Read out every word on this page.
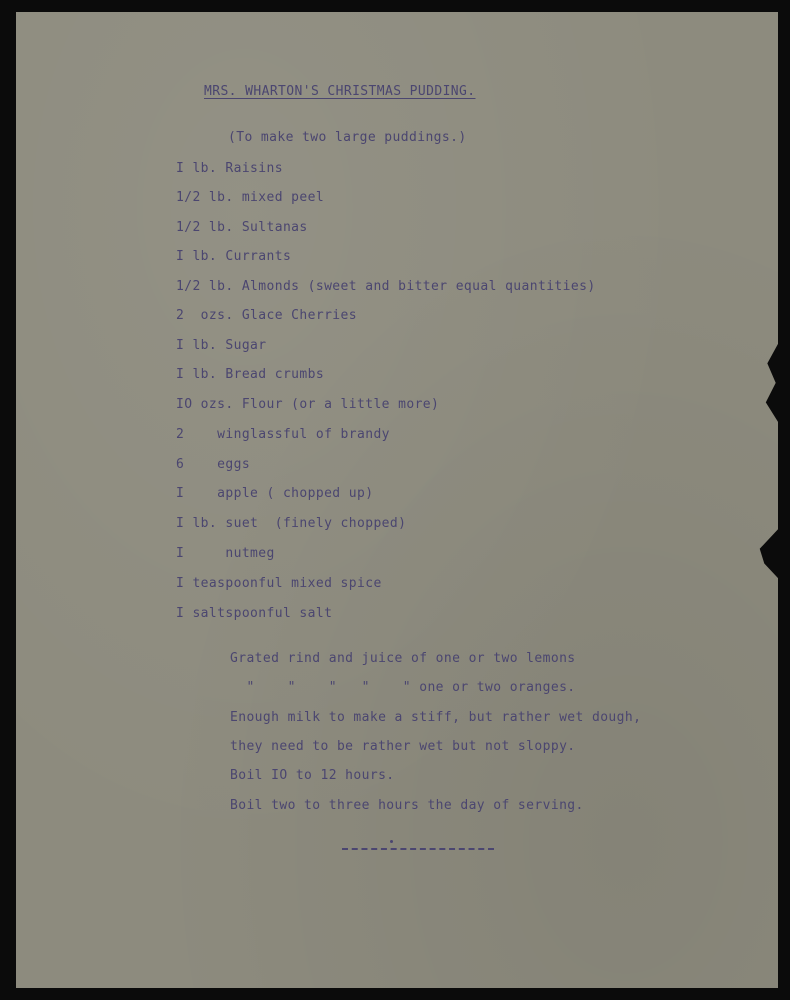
MRS. WHARTON'S CHRISTMAS PUDDING.
(To make two large puddings.)
I lb. Raisins
1/2 lb. mixed peel
1/2 lb. Sultanas
I lb. Currants
1/2 lb. Almonds (sweet and bitter equal quantities)
2  ozs. Glace Cherries
I lb. Sugar
I lb. Bread crumbs
IO ozs. Flour (or a little more)
2    winglassful of brandy
6    eggs
I    apple ( chopped up)
I lb. suet  (finely chopped)
I     nutmeg
I teaspoonful mixed spice
I saltspoonful salt
Grated rind and juice of one or two lemons
"    "    "   "    " one or two oranges.
Enough milk to make a stiff, but rather wet dough,
they need to be rather wet but not sloppy.
Boil IO to 12 hours.
Boil two to three hours the day of serving.
